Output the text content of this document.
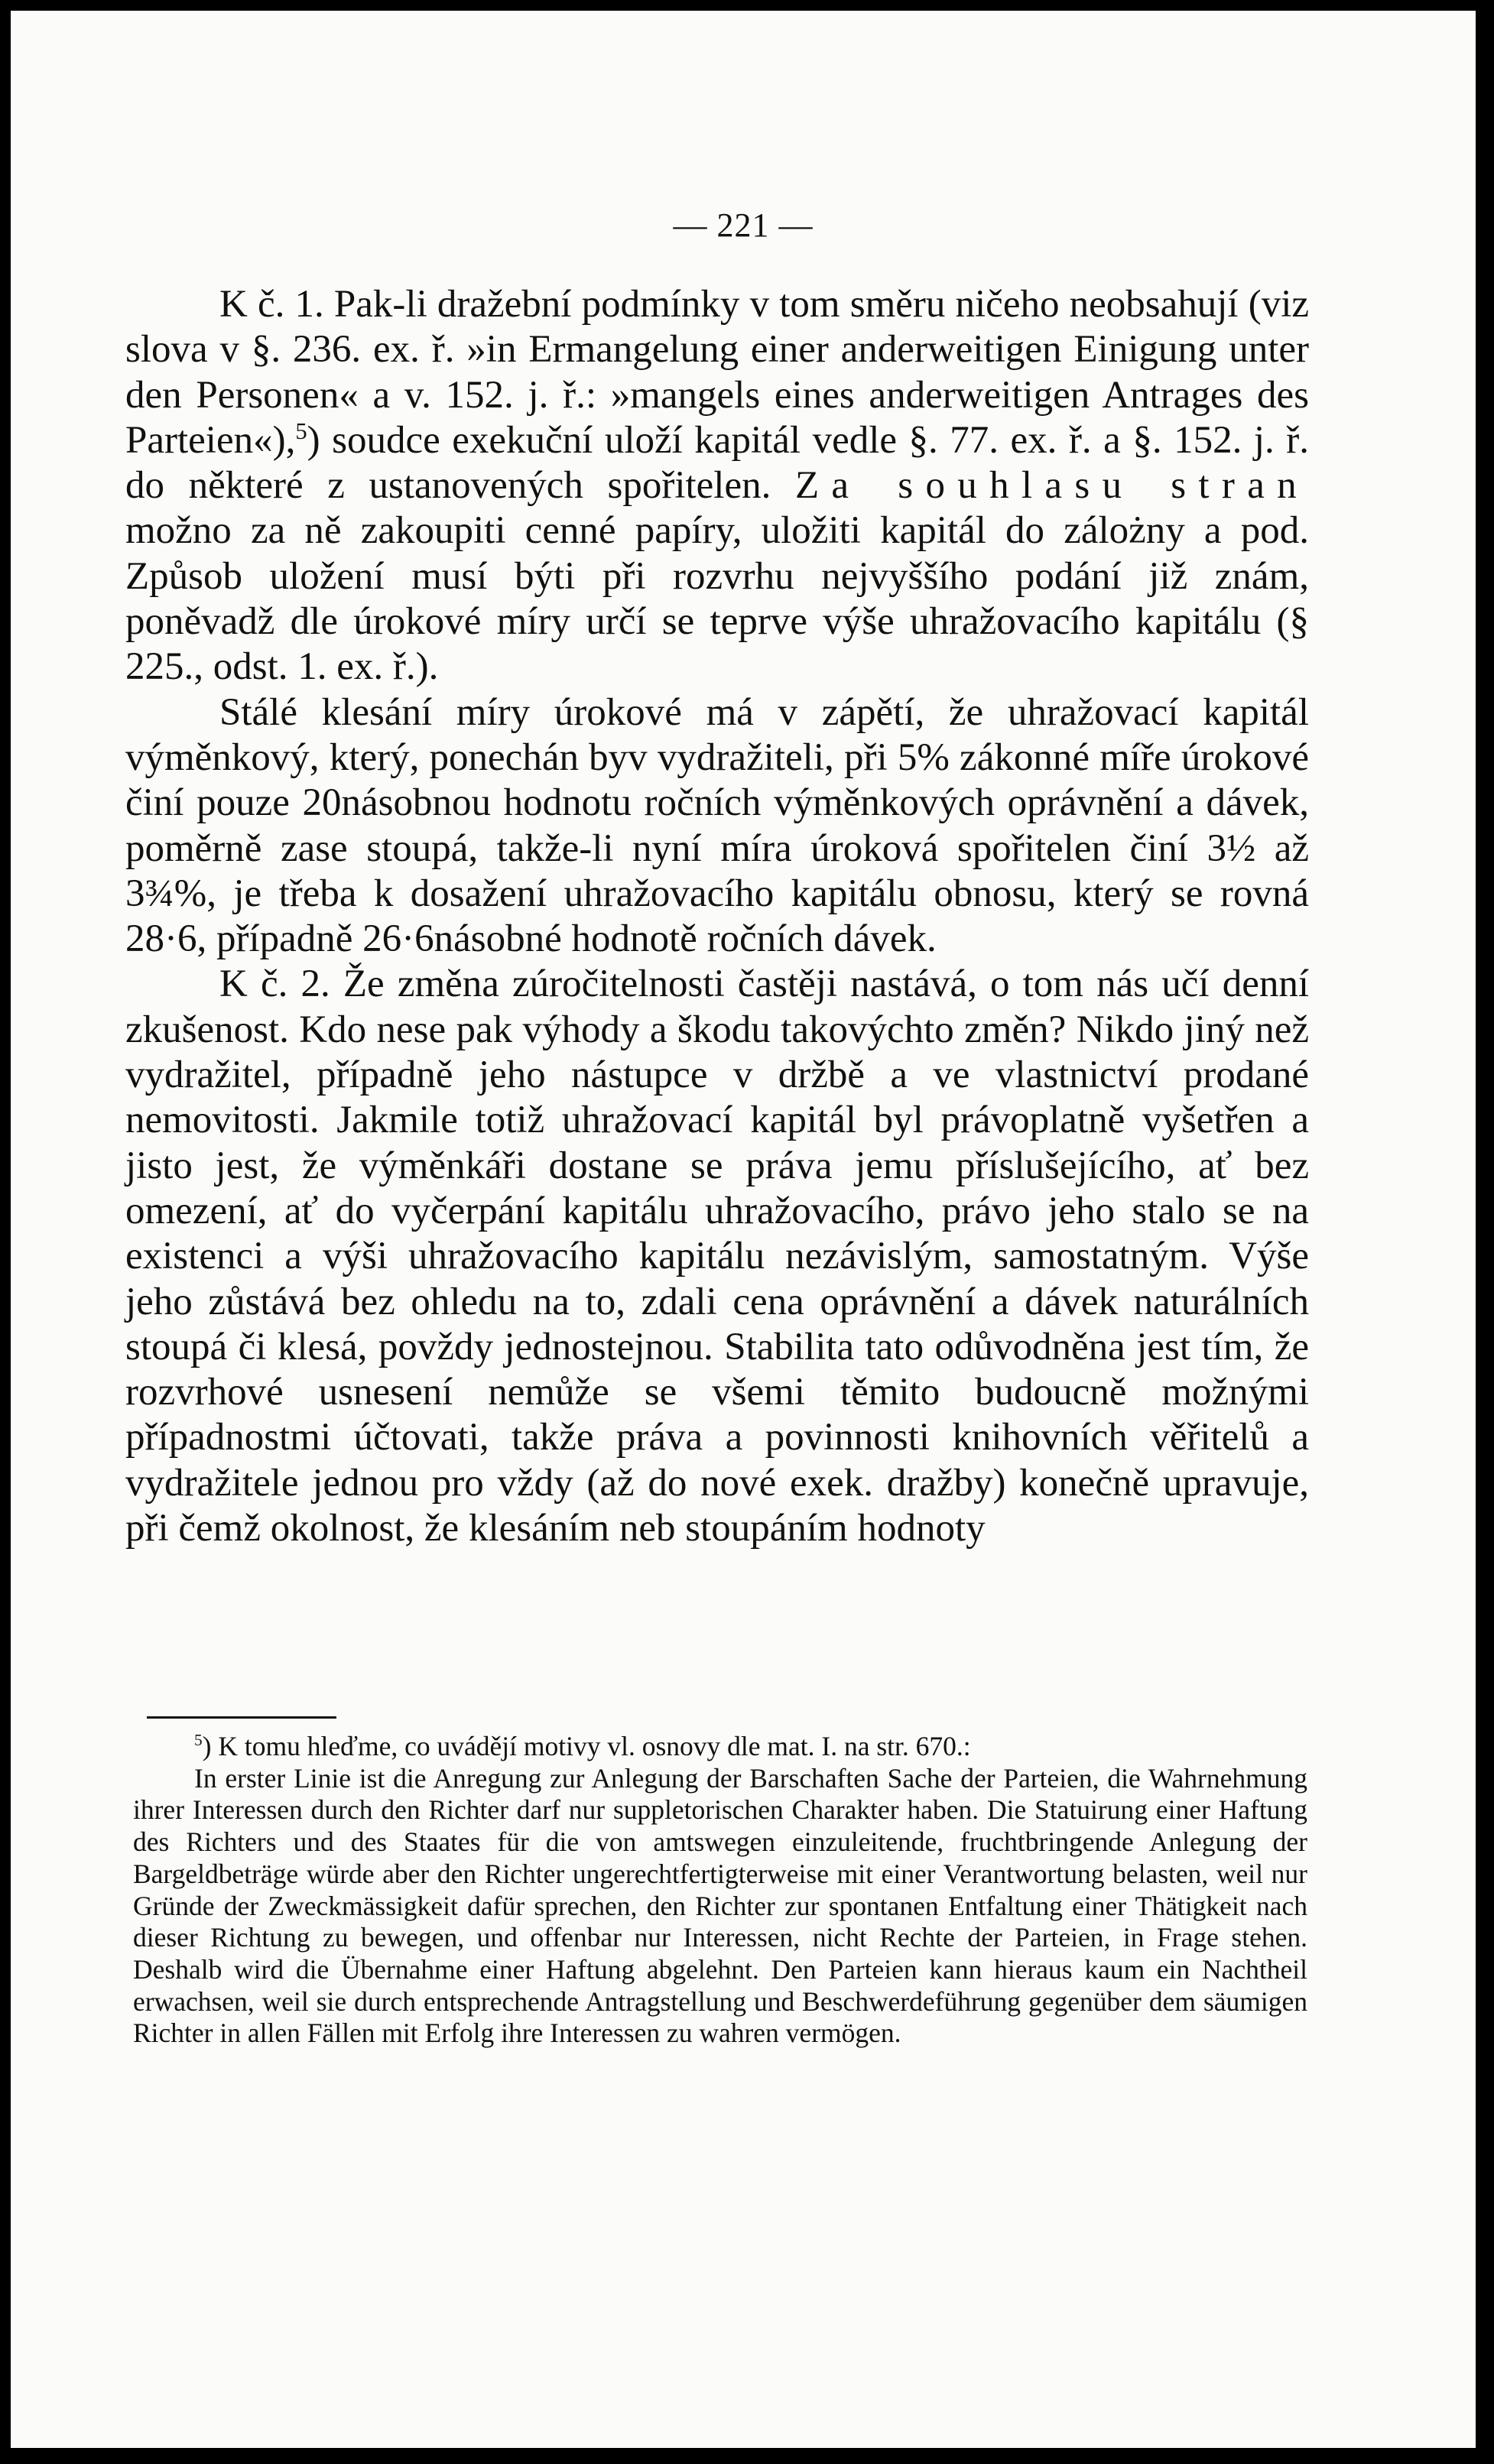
— 221 —

K č. 1. Pak-li dražební podmínky v tom směru ničeho neobsahují (viz slova v §. 236. ex. ř. »in Ermangelung einer anderweitigen Einigung unter den Personen« a v. 152. j. ř.: »mangels eines anderweitigen Antrages des Parteien«),$^5$) soudce exekuční uloží kapitál vedle §. 77. ex. ř. a §. 152. j. ř. do některé z ustanovených spořitelen. Za souhlasu stran možno za ně zakoupiti cenné papíry, uložiti kapitál do zálożny a pod. Způsob uložení musí býti při rozvrhu nejvyššího podání již znám, poněvadž dle úrokové míry určí se teprve výše uhražovacího kapitálu (§ 225., odst. 1. ex. ř.).

Stálé klesání míry úrokové má v zápětí, že uhražovací kapitál výměnkový, který, ponechán byv vydražiteli, při 5% zákonné míře úrokové činí pouze 20násobnou hodnotu ročních výměnkových oprávnění a dávek, poměrně zase stoupá, takže-li nyní míra úroková spořitelen činí 3½ až 3¾%, je třeba k dosažení uhražovacího kapitálu obnosu, který se rovná 28·6, případně 26·6násobné hodnotě ročních dávek.

K č. 2. Že změna zúročitelnosti častěji nastává, o tom nás učí denní zkušenost. Kdo nese pak výhody a škodu takovýchto změn? Nikdo jiný než vydražitel, případně jeho nástupce v držbě a ve vlastnictví prodané nemovitosti. Jakmile totiž uhražovací kapitál byl právoplatně vyšetřen a jisto jest, že výměnkáři dostane se práva jemu příslušejícího, ať bez omezení, ať do vyčerpání kapitálu uhražovacího, právo jeho stalo se na existenci a výši uhražovacího kapitálu nezávislým, samostatným. Výše jeho zůstává bez ohledu na to, zdali cena oprávnění a dávek naturálních stoupá či klesá, povždy jednostejnou. Stabilita tato odůvodněna jest tím, že rozvrhové usnesení nemůže se všemi těmito budoucně možnými případnostmi účtovati, takže práva a povinnosti knihovních věřitelů a vydražitele jednou pro vždy (až do nové exek. dražby) konečně upravuje, při čemž okolnost, že klesáním neb stoupáním hodnoty

$^5$) K tomu hleďme, co uvádějí motivy vl. osnovy dle mat. I. na str. 670.:

In erster Linie ist die Anregung zur Anlegung der Barschaften Sache der Parteien, die Wahrnehmung ihrer Interessen durch den Richter darf nur suppletorischen Charakter haben. Die Statuirung einer Haftung des Richters und des Staates für die von amtswegen einzuleitende, fruchtbringende Anlegung der Bargeldbeträge würde aber den Richter ungerechtfertigterweise mit einer Verantwortung belasten, weil nur Gründe der Zweckmässigkeit dafür sprechen, den Richter zur spontanen Entfaltung einer Thätigkeit nach dieser Richtung zu bewegen, und offenbar nur Interessen, nicht Rechte der Parteien, in Frage stehen. Deshalb wird die Übernahme einer Haftung abgelehnt. Den Parteien kann hieraus kaum ein Nachtheil erwachsen, weil sie durch entsprechende Antragstellung und Beschwerdeführung gegenüber dem säumigen Richter in allen Fällen mit Erfolg ihre Interessen zu wahren vermögen.
